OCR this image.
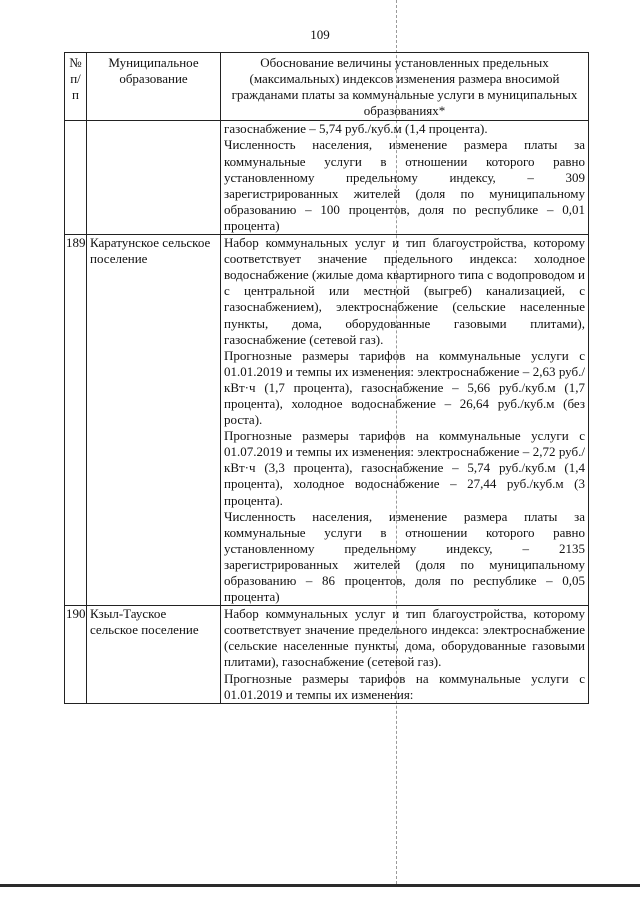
109
№ п/п	Муниципальное образование	Обоснование величины установленных предельных (максимальных) индексов изменения размера вносимой гражданами платы за коммунальные услуги в муниципальных образованиях*

		газоснабжение – 5,74 руб./куб.м (1,4 процента).

Численность населения, изменение размера платы за коммунальные услуги в отношении которого равно установленному предельному индексу, – 309 зарегистрированных жителей (доля по муниципальному образованию – 100 процентов, доля по республике – 0,01 процента)

189	Каратунское сельское поселение	Набор коммунальных услуг и тип благоустройства, которому соответствует значение предельного индекса: холодное водоснабжение (жилые дома квартирного типа с водопроводом и с центральной или местной (выгреб) канализацией, с газоснабжением), электроснабжение (сельские населенные пункты, дома, оборудованные газовыми плитами), газоснабжение (сетевой газ).

Прогнозные размеры тарифов на коммунальные услуги с 01.01.2019 и темпы их изменения: электроснабжение – 2,63 руб./кВт·ч (1,7 процента), газоснабжение – 5,66 руб./куб.м (1,7 процента), холодное водоснабжение – 26,64 руб./куб.м (без роста).

Прогнозные размеры тарифов на коммунальные услуги с 01.07.2019 и темпы их изменения: электроснабжение – 2,72 руб./кВт·ч (3,3 процента), газоснабжение – 5,74 руб./куб.м (1,4 процента), холодное водоснабжение – 27,44 руб./куб.м (3 процента).

Численность населения, изменение размера платы за коммунальные услуги в отношении которого равно установленному предельному индексу, – 2135 зарегистрированных жителей (доля по муниципальному образованию – 86 процентов, доля по республике – 0,05 процента)

190	Кзыл-Тауское сельское поселение	Набор коммунальных услуг и тип благоустройства, которому соответствует значение предельного индекса: электроснабжение (сельские населенные пункты, дома, оборудованные газовыми плитами), газоснабжение (сетевой газ).

Прогнозные размеры тарифов на коммунальные услуги с 01.01.2019 и темпы их изменения:
